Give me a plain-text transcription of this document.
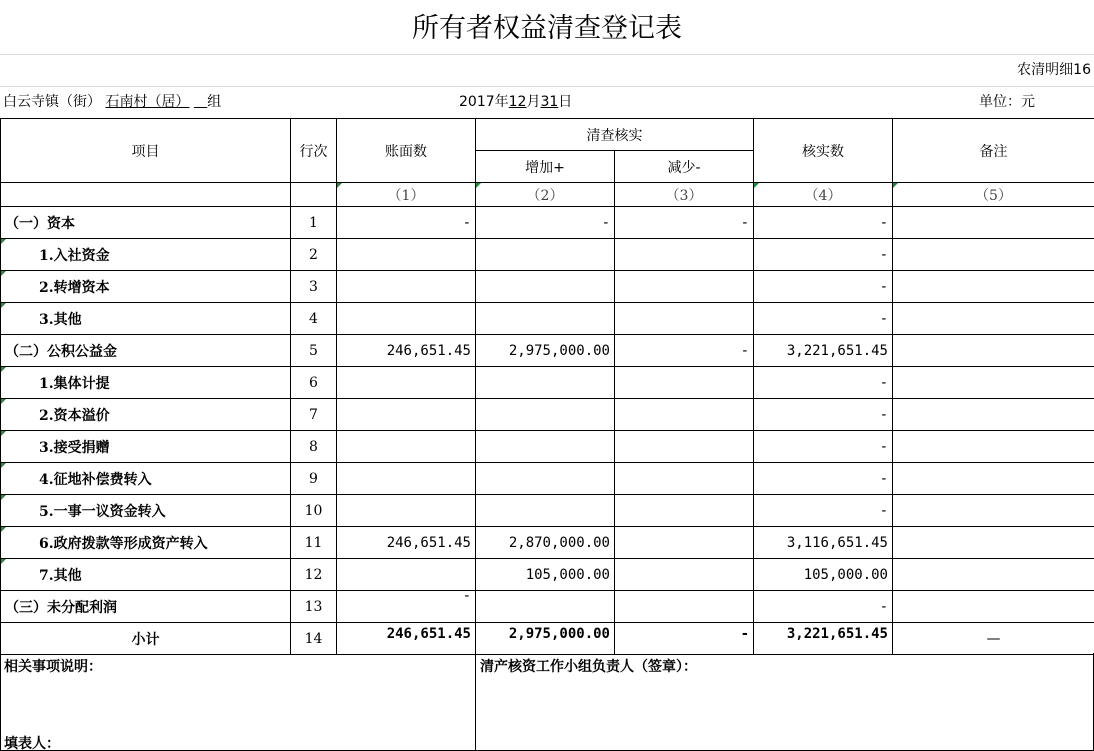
所有者权益清查登记表
农清明细16
白云寺镇（街） 石南村（居） 组	2017年12月31日	单位：元
项目	行次	账面数	清查核实		核实数	备注
			增加+	减少-		
		（1）	（2）	（3）	（4）	（5）
（一）资本	1	-	-	-	-	
1.入社资金	2				-	
2.转增资本	3				-	
3.其他	4				-	
（二）公积公益金	5	246,651.45	2,975,000.00	-	3,221,651.45	
1.集体计提	6				-	
2.资本溢价	7				-	
3.接受捐赠	8				-	
4.征地补偿费转入	9				-	
5.一事一议资金转入	10				-	
6.政府拨款等形成资产转入	11	246,651.45	2,870,000.00		3,116,651.45	
7.其他	12		105,000.00		105,000.00	
（三）未分配利润	13	-			-	
小计	14	246,651.45	2,975,000.00	-	3,221,651.45	—
相关事项说明：	清产核资工作小组负责人（签章）：
填表人：
